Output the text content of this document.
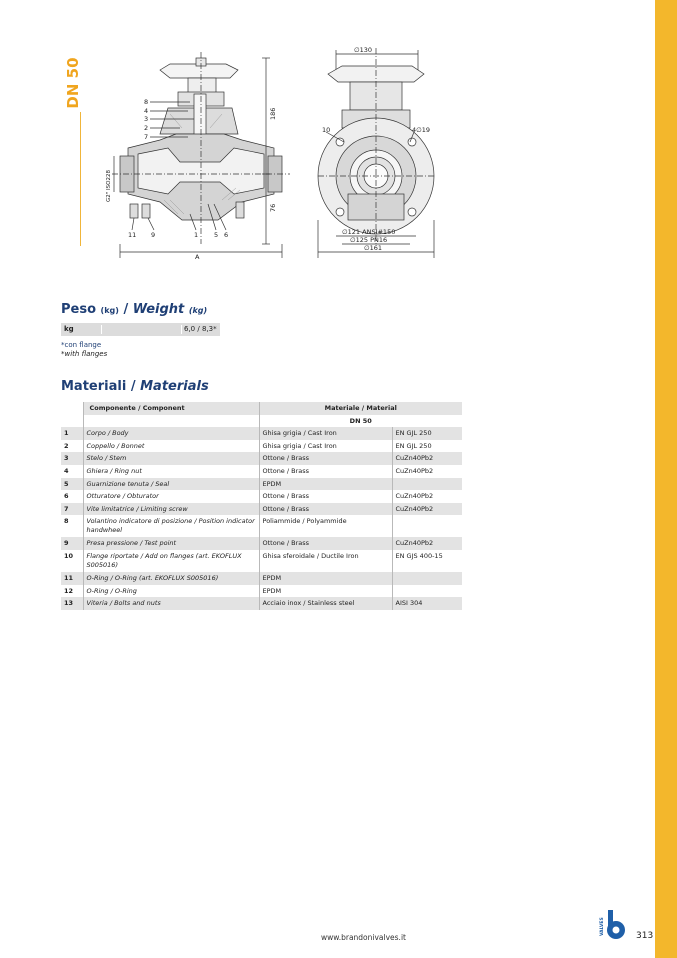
DN 50	8
4
3
2
7
11 9	1 5 6
186
76
A
G2" ISO228
∅130
10	4∅19
∅121 ANSI#150
∅125 PN16
∅161
Peso (kg) / Weight (kg)
kg	6,0 / 8,3*
*con flange
*with flanges
Materiali / Materials
	Componente / Component	Materiale / Material	
		DN 50	
1	Corpo / Body	Ghisa grigia / Cast Iron	EN GJL 250
2	Coppello / Bonnet	Ghisa grigia / Cast Iron	EN GJL 250
3	Stelo / Stem	Ottone / Brass	CuZn40Pb2
4	Ghiera / Ring nut	Ottone / Brass	CuZn40Pb2
5	Guarnizione tenuta / Seal	EPDM	
6	Otturatore / Obturator	Ottone / Brass	CuZn40Pb2
7	Vite limitatrice / Limiting screw	Ottone / Brass	CuZn40Pb2
8	Volantino indicatore di posizione / Position indicator handwheel	Poliammide / Polyammide	
9	Presa pressione / Test point	Ottone / Brass	CuZn40Pb2
10	Flange riportate / Add on flanges (art. EKOFLUX S005016)	Ghisa sferoidale / Ductile Iron	EN GJS 400-15
11	O-Ring / O-Ring (art. EKOFLUX S005016)	EPDM	
12	O-Ring / O-Ring	EPDM	
13	Viteria / Bolts and nuts	Acciaio inox / Stainless steel	AISI 304
www.brandonivalves.it
VALVES	313
